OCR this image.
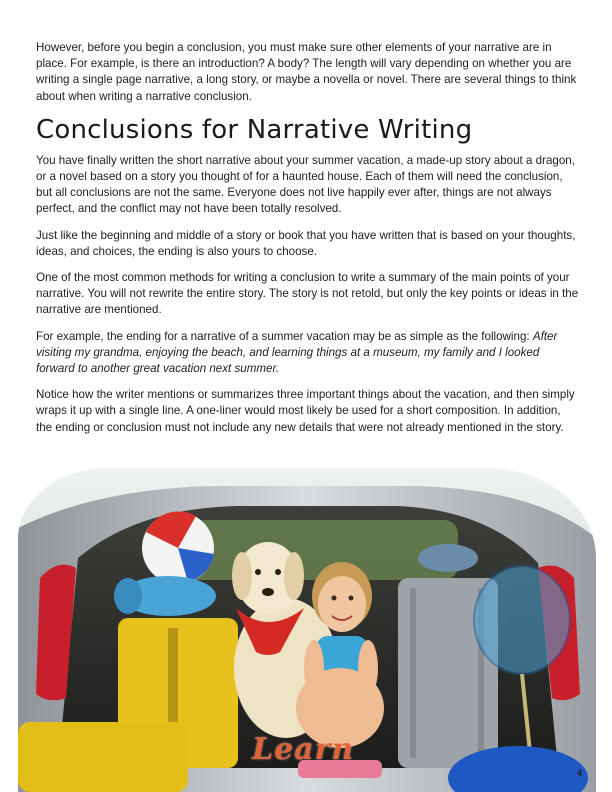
However, before you begin a conclusion, you must make sure other elements of your narrative are in place. For example, is there an introduction? A body? The length will vary depending on whether you are writing a single page narrative, a long story, or maybe a novella or novel. There are several things to think about when writing a narrative conclusion.

Conclusions for Narrative Writing

You have finally written the short narrative about your summer vacation, a made-up story about a dragon, or a novel based on a story you thought of for a haunted house. Each of them will need the conclusion, but all conclusions are not the same. Everyone does not live happily ever after, things are not always perfect, and the conflict may not have been totally resolved.

Just like the beginning and middle of a story or book that you have written that is based on your thoughts, ideas, and choices, the ending is also yours to choose.

One of the most common methods for writing a conclusion to write a summary of the main points of your narrative. You will not rewrite the entire story. The story is not retold, but only the key points or ideas in the narrative are mentioned.

For example, the ending for a narrative of a summer vacation may be as simple as the following: After visiting my grandma, enjoying the beach, and learning things at a museum, my family and I looked forward to another great vacation next summer.

Notice how the writer mentions or summarizes three important things about the vacation, and then simply wraps it up with a single line. A one-liner would most likely be used for a short composition. In addition, the ending or conclusion must not include any new details that were not already mentioned in the story.

Learn
4
